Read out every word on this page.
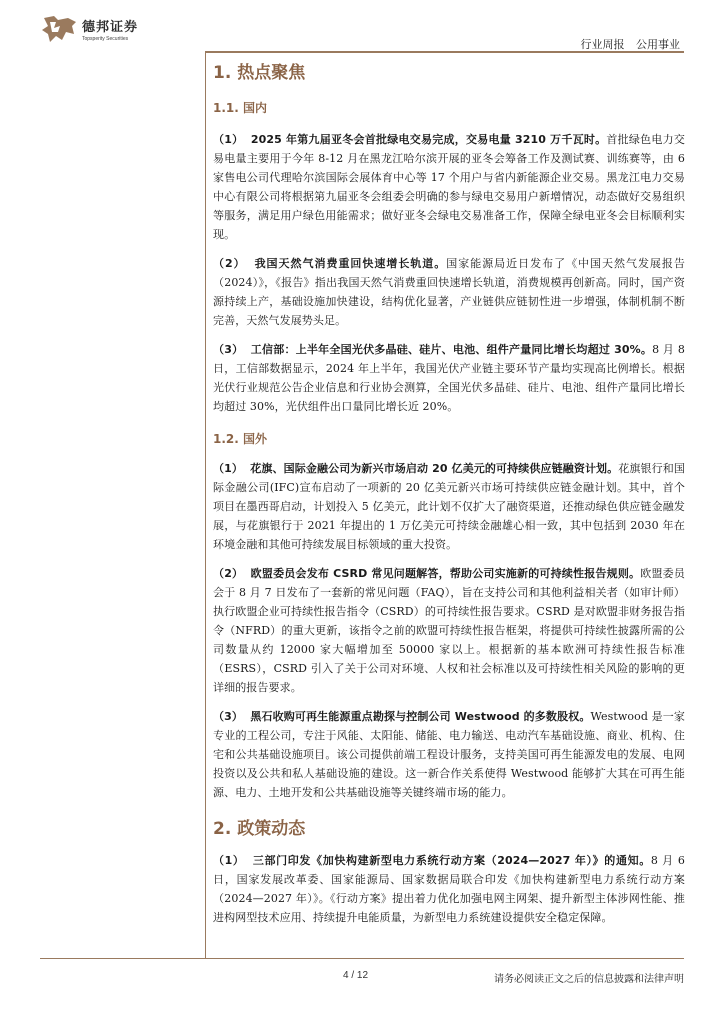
德邦证券
Topsperity Securities	行业周报 公用事业
1. 热点聚焦
1.1. 国内

（1） 2025 年第九届亚冬会首批绿电交易完成，交易电量 3210 万千瓦时。首批绿色电力交易电量主要用于今年 8-12 月在黑龙江哈尔滨开展的亚冬会筹备工作及测试赛、训练赛等，由 6 家售电公司代理哈尔滨国际会展体育中心等 17 个用户与省内新能源企业交易。黑龙江电力交易中心有限公司将根据第九届亚冬会组委会明确的参与绿电交易用户新增情况，动态做好交易组织等服务，满足用户绿色用能需求；做好亚冬会绿电交易准备工作，保障全绿电亚冬会目标顺利实现。

（2） 我国天然气消费重回快速增长轨道。国家能源局近日发布了《中国天然气发展报告（2024）》，《报告》指出我国天然气消费重回快速增长轨道，消费规模再创新高。同时，国产资源持续上产，基础设施加快建设，结构优化显著，产业链供应链韧性进一步增强，体制机制不断完善，天然气发展势头足。

（3） 工信部：上半年全国光伏多晶硅、硅片、电池、组件产量同比增长均超过 30%。8 月 8 日，工信部数据显示，2024 年上半年，我国光伏产业链主要环节产量均实现高比例增长。根据光伏行业规范公告企业信息和行业协会测算，全国光伏多晶硅、硅片、电池、组件产量同比增长均超过 30%，光伏组件出口量同比增长近 20%。

1.2. 国外

（1） 花旗、国际金融公司为新兴市场启动 20 亿美元的可持续供应链融资计划。花旗银行和国际金融公司(IFC)宣布启动了一项新的 20 亿美元新兴市场可持续供应链金融计划。其中，首个项目在墨西哥启动，计划投入 5 亿美元，此计划不仅扩大了融资渠道，还推动绿色供应链金融发展，与花旗银行于 2021 年提出的 1 万亿美元可持续金融雄心相一致，其中包括到 2030 年在环境金融和其他可持续发展目标领域的重大投资。

（2） 欧盟委员会发布 CSRD 常见问题解答，帮助公司实施新的可持续性报告规则。欧盟委员会于 8 月 7 日发布了一套新的常见问题（FAQ），旨在支持公司和其他利益相关者（如审计师）执行欧盟企业可持续性报告指令（CSRD）的可持续性报告要求。CSRD 是对欧盟非财务报告指令（NFRD）的重大更新，该指令之前的欧盟可持续性报告框架，将提供可持续性披露所需的公司数量从约 12000 家大幅增加至 50000 家以上。根据新的基本欧洲可持续性报告标准（ESRS），CSRD 引入了关于公司对环境、人权和社会标准以及可持续性相关风险的影响的更详细的报告要求。

（3） 黑石收购可再生能源重点勘探与控制公司 Westwood 的多数股权。Westwood 是一家专业的工程公司，专注于风能、太阳能、储能、电力输送、电动汽车基础设施、商业、机构、住宅和公共基础设施项目。该公司提供前端工程设计服务，支持美国可再生能源发电的发展、电网投资以及公共和私人基础设施的建设。这一新合作关系使得 Westwood 能够扩大其在可再生能源、电力、土地开发和公共基础设施等关键终端市场的能力。

2. 政策动态

（1） 三部门印发《加快构建新型电力系统行动方案（2024—2027 年）》的通知。8 月 6 日，国家发展改革委、国家能源局、国家数据局联合印发《加快构建新型电力系统行动方案（2024—2027 年）》。《行动方案》提出着力优化加强电网主网架、提升新型主体涉网性能、推进构网型技术应用、持续提升电能质量，为新型电力系统建设提供安全稳定保障。

4 / 12	请务必阅读正文之后的信息披露和法律声明
